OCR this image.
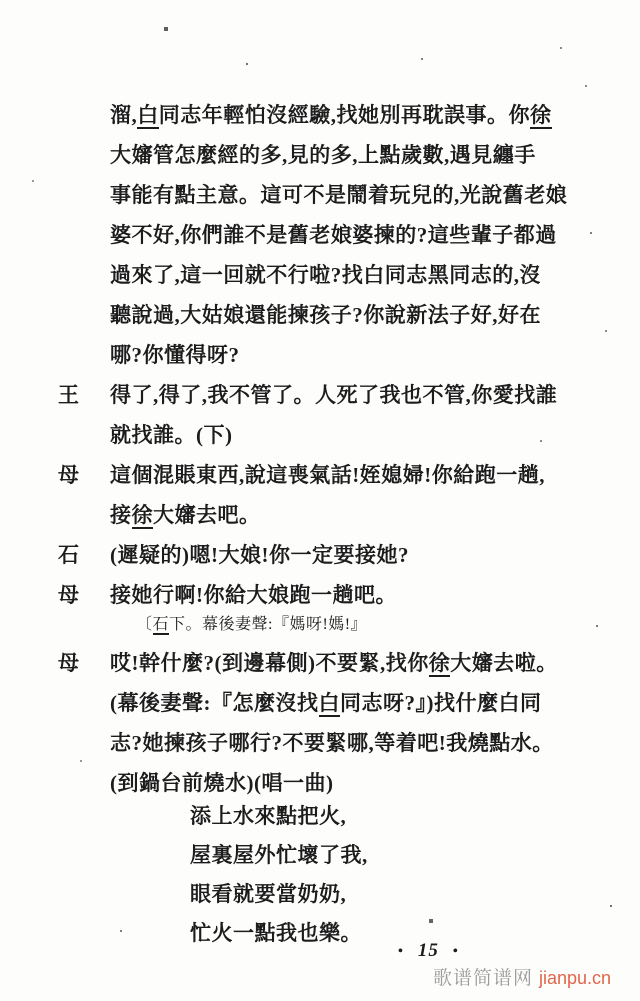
溜,白同志年輕怕沒經驗,找她別再耽誤事。你徐
大嬸管怎麼經的多,見的多,上點歲數,遇見纏手
事能有點主意。這可不是鬧着玩兒的,光說舊老娘
婆不好,你們誰不是舊老娘婆揀的?這些輩子都過
過來了,這一回就不行啦?找白同志黑同志的,沒
聽說過,大姑娘還能揀孩子?你說新法子好,好在
哪?你懂得呀?
王 得了,得了,我不管了。人死了我也不管,你愛找誰
就找誰。(下)
母 這個混賬東西,說這喪氣話!姪媳婦!你給跑一趟,
接徐大嬸去吧。
石 (遲疑的)嗯!大娘!你一定要接她?
母 接她行啊!你給大娘跑一趟吧。
〔石下。幕後妻聲:『媽呀!媽!』
母 哎!幹什麼?(到邊幕側)不要緊,找你徐大嬸去啦。
(幕後妻聲:『怎麼沒找白同志呀?』)找什麼白同
志?她揀孩子哪行?不要緊哪,等着吧!我燒點水。
(到鍋台前燒水)(唱一曲)
添上水來點把火,
屋裏屋外忙壞了我,
眼看就要當奶奶,
忙火一點我也樂。
• 15 •
歌谱简谱网 jianpu.cn
